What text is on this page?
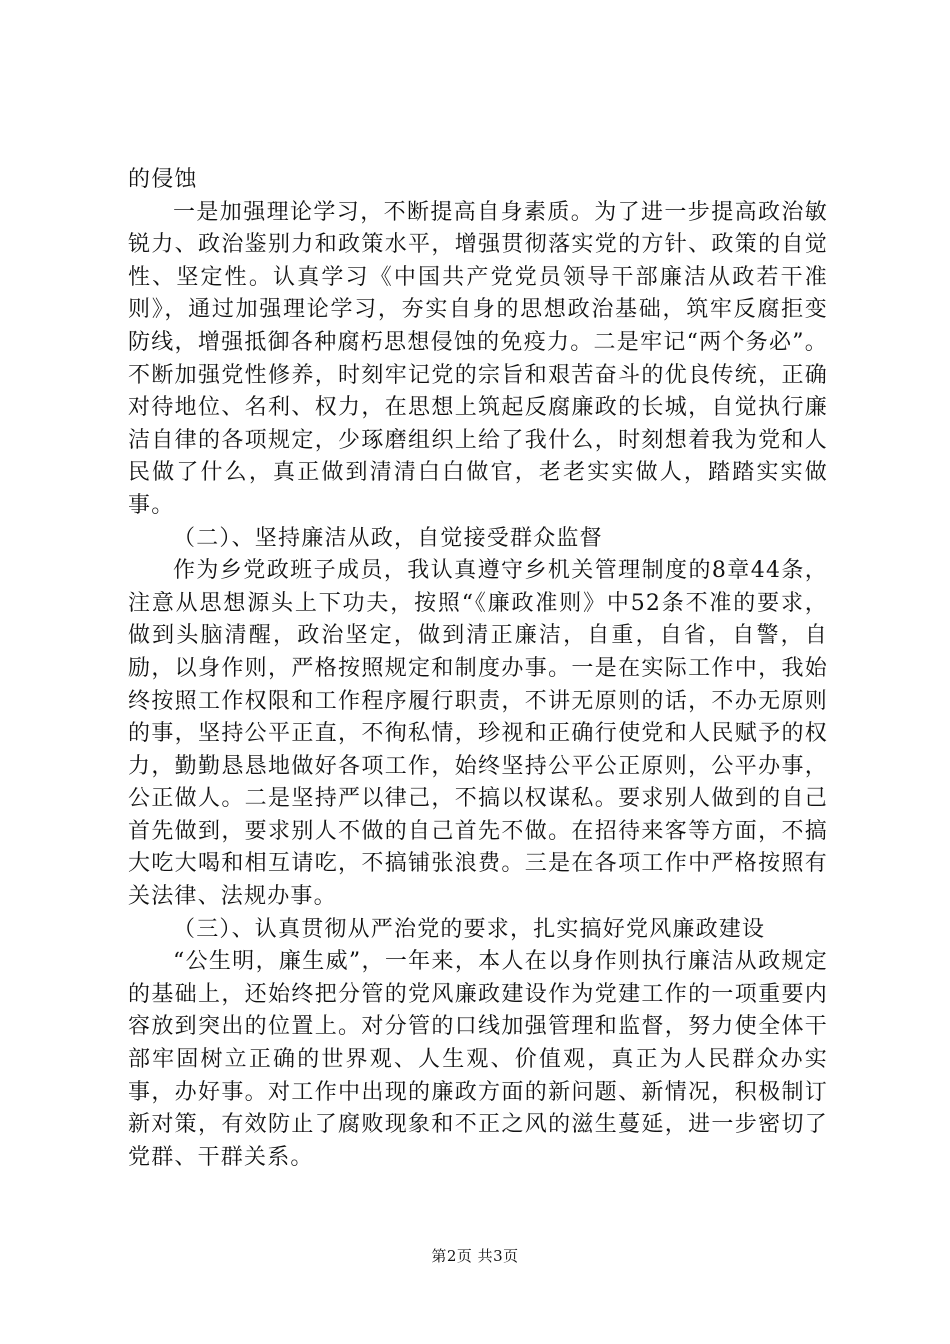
的侵蚀

一是加强理论学习，不断提高自身素质。为了进一步提高政治敏锐力、政治鉴别力和政策水平，增强贯彻落实党的方针、政策的自觉性、坚定性。认真学习《中国共产党党员领导干部廉洁从政若干准则》，通过加强理论学习，夯实自身的思想政治基础，筑牢反腐拒变防线，增强抵御各种腐朽思想侵蚀的免疫力。二是牢记“两个务必”。不断加强党性修养，时刻牢记党的宗旨和艰苦奋斗的优良传统，正确对待地位、名利、权力，在思想上筑起反腐廉政的长城，自觉执行廉洁自律的各项规定，少琢磨组织上给了我什么，时刻想着我为党和人民做了什么，真正做到清清白白做官，老老实实做人，踏踏实实做事。

（二）、坚持廉洁从政，自觉接受群众监督

作为乡党政班子成员，我认真遵守乡机关管理制度的8章44条，注意从思想源头上下功夫，按照“《廉政准则》中52条不准的要求，做到头脑清醒，政治坚定，做到清正廉洁，自重，自省，自警，自励，以身作则，严格按照规定和制度办事。一是在实际工作中，我始终按照工作权限和工作程序履行职责，不讲无原则的话，不办无原则的事，坚持公平正直，不徇私情，珍视和正确行使党和人民赋予的权力，勤勤恳恳地做好各项工作，始终坚持公平公正原则，公平办事，公正做人。二是坚持严以律己，不搞以权谋私。要求别人做到的自己首先做到，要求别人不做的自己首先不做。在招待来客等方面，不搞大吃大喝和相互请吃，不搞铺张浪费。三是在各项工作中严格按照有关法律、法规办事。

（三）、认真贯彻从严治党的要求，扎实搞好党风廉政建设

“公生明，廉生威”，一年来，本人在以身作则执行廉洁从政规定的基础上，还始终把分管的党风廉政建设作为党建工作的一项重要内容放到突出的位置上。对分管的口线加强管理和监督，努力使全体干部牢固树立正确的世界观、人生观、价值观，真正为人民群众办实事，办好事。对工作中出现的廉政方面的新问题、新情况，积极制订新对策，有效防止了腐败现象和不正之风的滋生蔓延，进一步密切了党群、干群关系。

第2页 共3页
